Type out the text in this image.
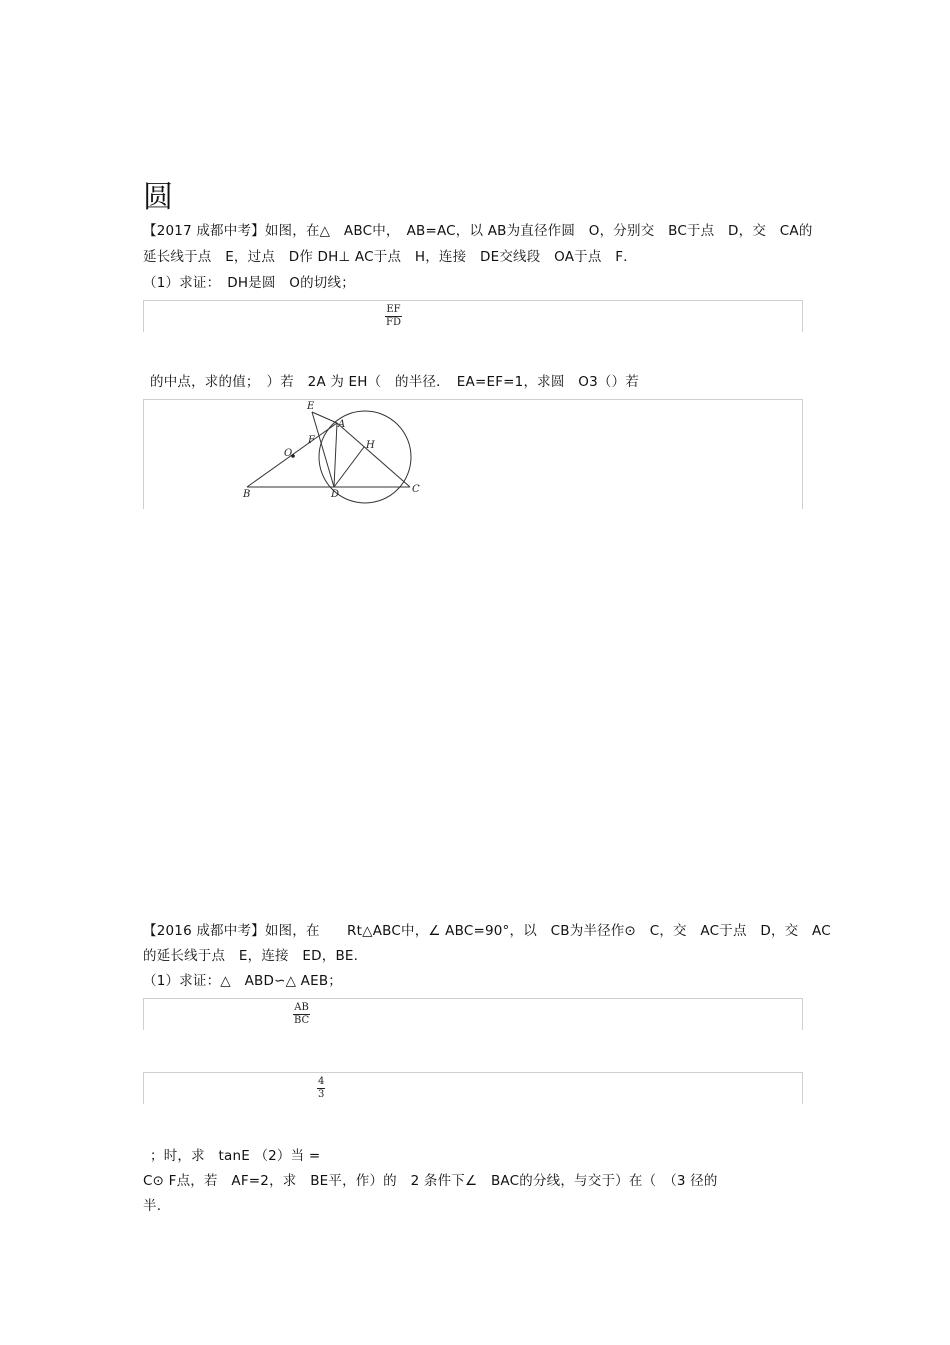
圆
【2017 成都中考】如图，在△　ABC中，　AB=AC，以 AB为直径作圆　O，分别交　BC于点　D，交　CA的
延长线于点　E，过点　D作 DH⊥ AC于点　H，连接　DE交线段　OA于点　F．
（1）求证：　DH是圆　O的切线；
$\frac{EF}{FD}$
的中点，求的值；　）若　2A 为 EH（　的半径．　EA=EF=1，求圆　O3（）若
E
A
F	H
O
B	D	C
【2016 成都中考】如图，在　　Rt△ABC中，∠ ABC=90°，以　CB为半径作⊙　C，交　AC于点　D，交　AC
的延长线于点　E，连接　ED，BE.
（1）求证：△　ABD∽△ AEB；
$\frac{AB}{BC}$
$\frac{4}{3}$
；时，求　tanE （2）当 =
C⊙ F点，若　AF=2，求　BE平，作）的　2 条件下∠　BAC的分线，与交于）在（　（3 径的
半.
